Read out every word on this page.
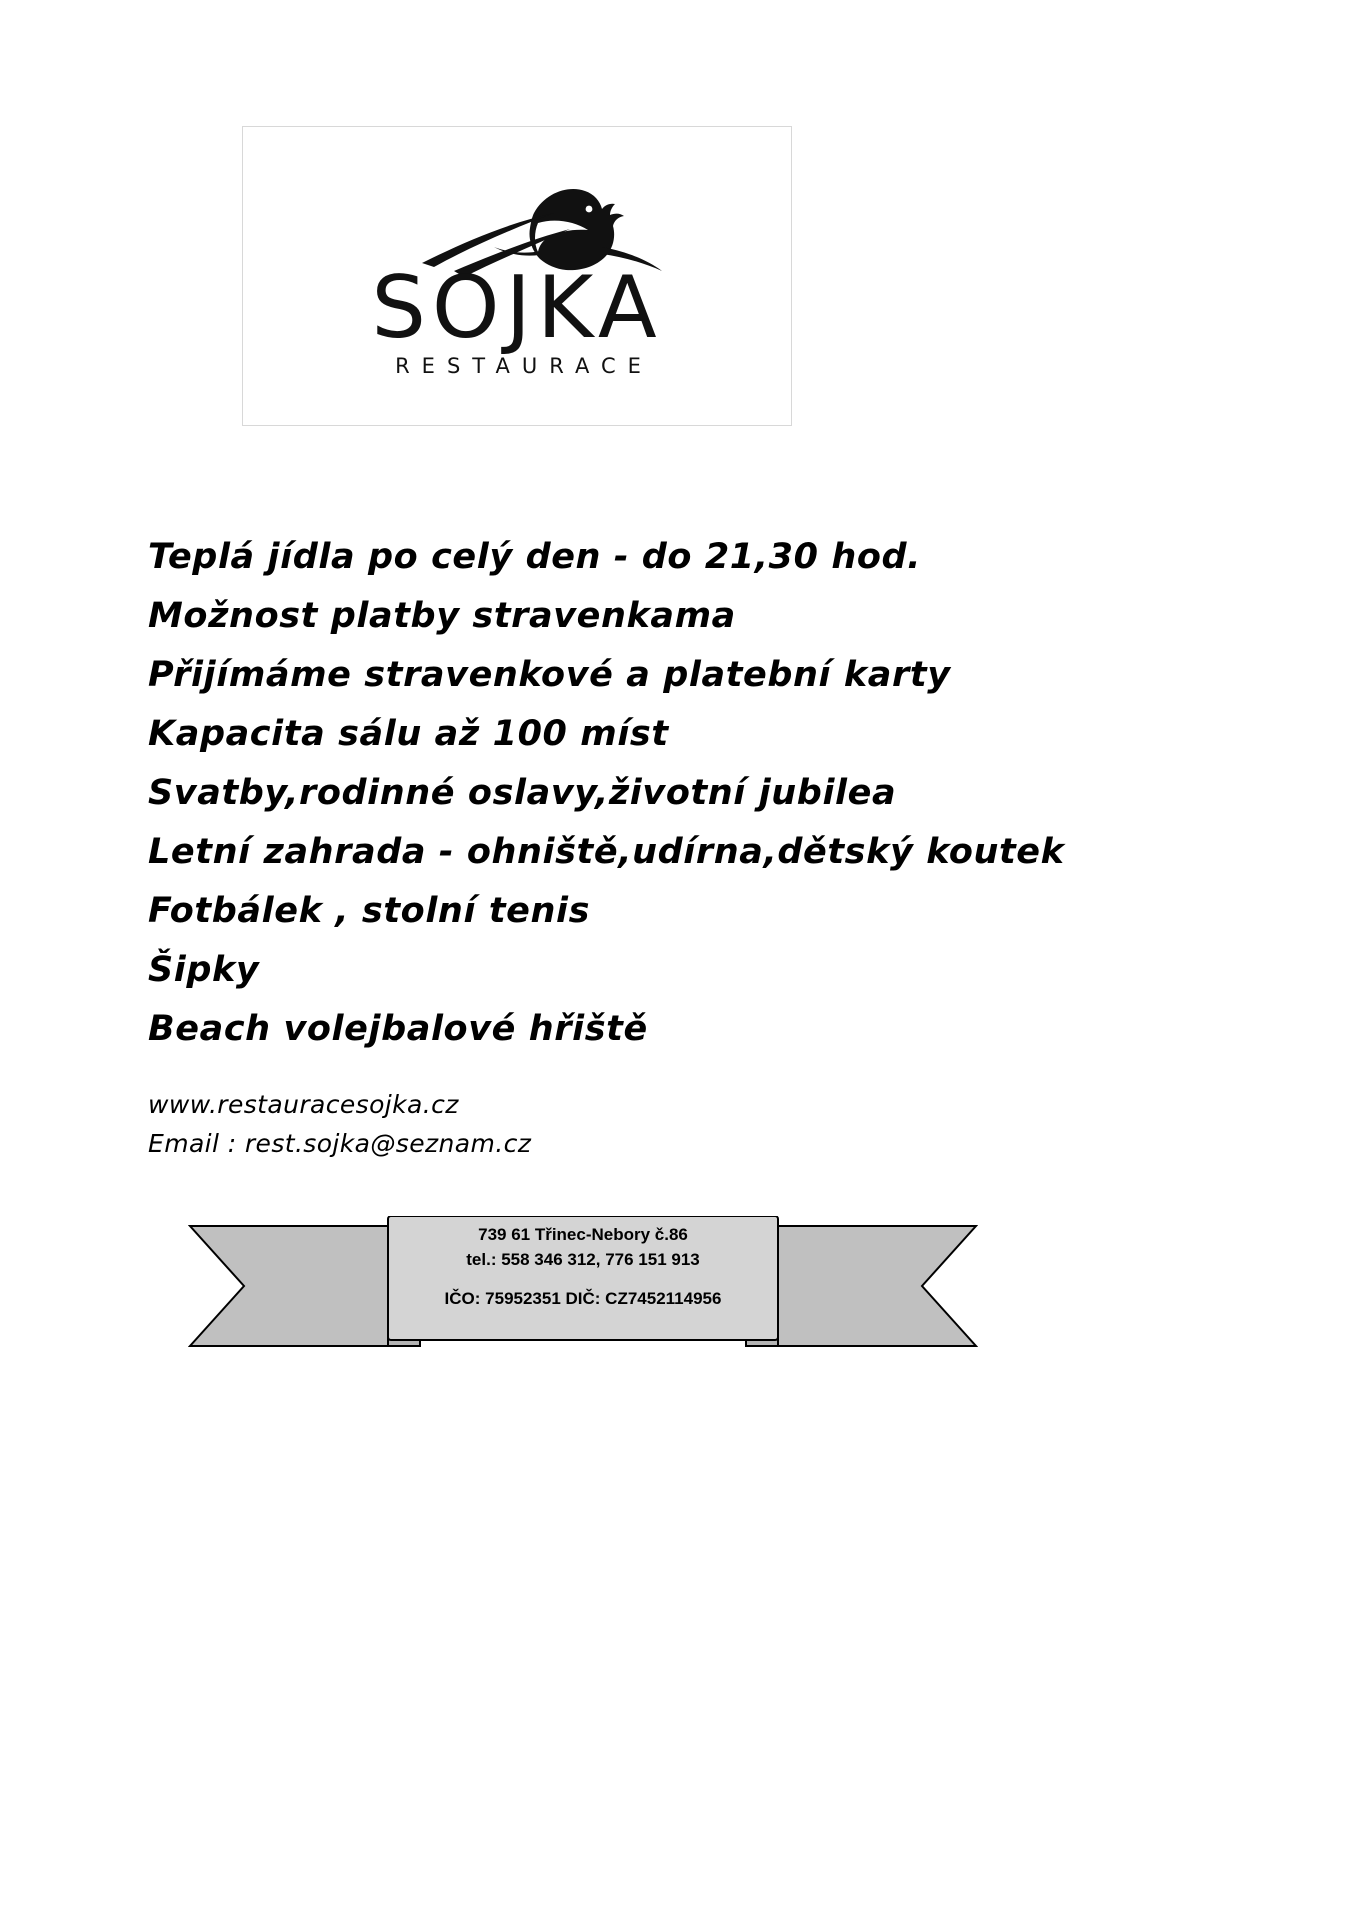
SOJKA
RESTAURACE
Teplá jídla po celý den - do 21,30 hod.
Možnost platby stravenkama
Přijímáme stravenkové a platební karty
Kapacita sálu až 100 míst
Svatby,rodinné oslavy,životní jubilea
Letní zahrada - ohniště,udírna,dětský koutek
Fotbálek , stolní tenis
Šipky
Beach volejbalové hřiště
www.restauracesojka.cz
Email : rest.sojka@seznam.cz
739 61 Třinec-Nebory č.86
tel.: 558 346 312, 776 151 913
IČO: 75952351 DIČ: CZ7452114956
